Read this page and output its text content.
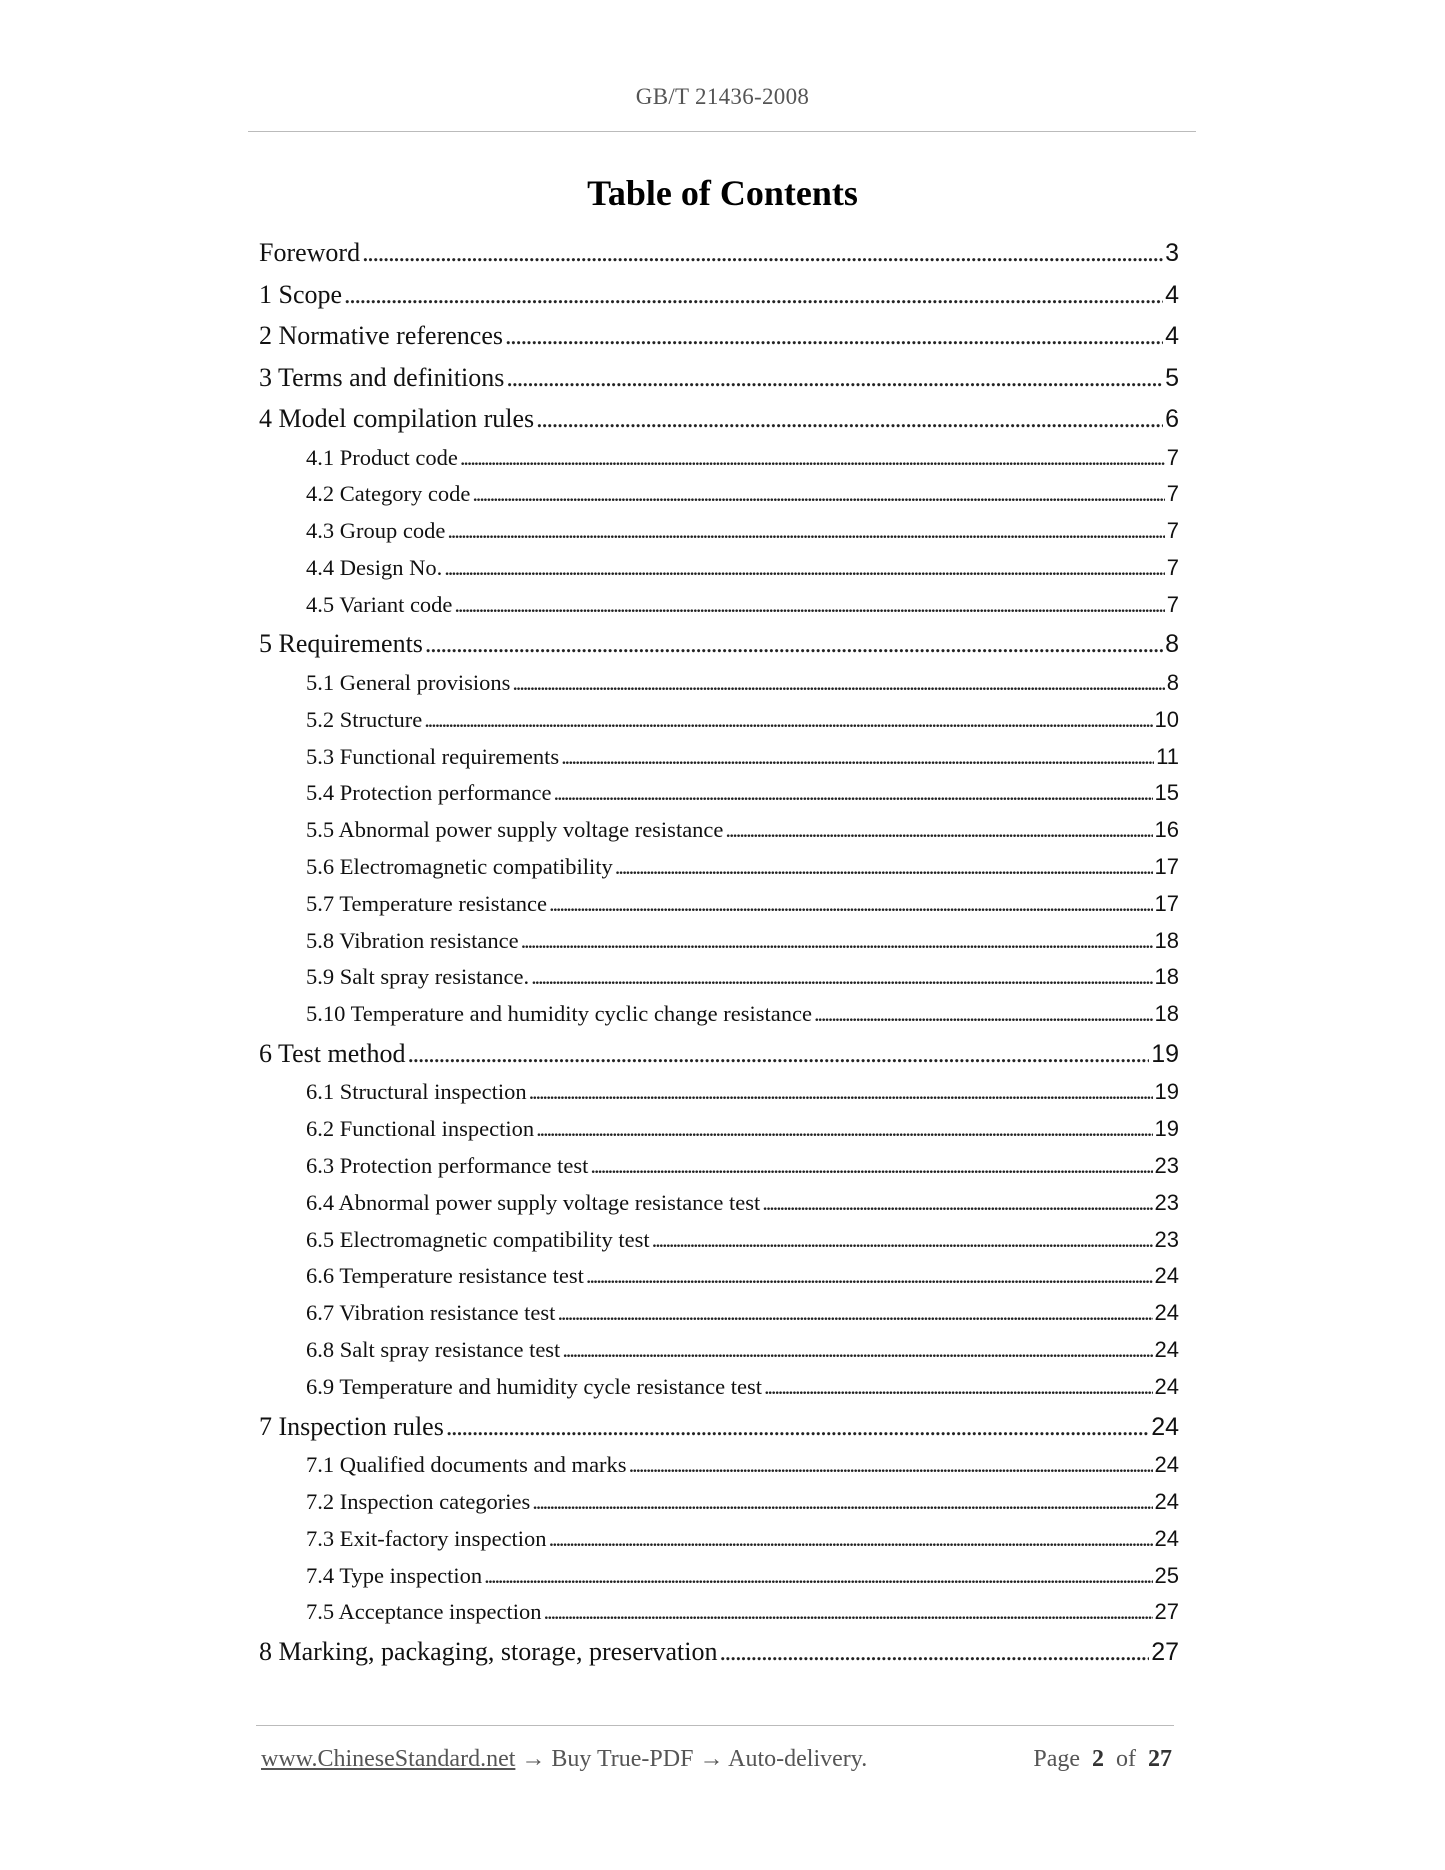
GB/T 21436-2008
Table of Contents
Foreword . . .	3
1 Scope . . .	4
2 Normative references . . .	4
3 Terms and definitions . . .	5
4 Model compilation rules . . .	6
4.1 Product code . . .	7
4.2 Category code . . .	7
4.3 Group code . . .	7
4.4 Design No. . . .	7
4.5 Variant code . . .	7
5 Requirements . . .	8
5.1 General provisions . . .	8
5.2 Structure . . .	10
5.3 Functional requirements . . .	11
5.4 Protection performance . . .	15
5.5 Abnormal power supply voltage resistance . . .	16
5.6 Electromagnetic compatibility . . .	17
5.7 Temperature resistance . . .	17
5.8 Vibration resistance . . .	18
5.9 Salt spray resistance. . . .	18
5.10 Temperature and humidity cyclic change resistance . . .	18
6 Test method . . .	19
6.1 Structural inspection . . .	19
6.2 Functional inspection . . .	19
6.3 Protection performance test . . .	23
6.4 Abnormal power supply voltage resistance test . . .	23
6.5 Electromagnetic compatibility test . . .	23
6.6 Temperature resistance test . . .	24
6.7 Vibration resistance test . . .	24
6.8 Salt spray resistance test . . .	24
6.9 Temperature and humidity cycle resistance test . . .	24
7 Inspection rules . . .	24
7.1 Qualified documents and marks . . .	24
7.2 Inspection categories . . .	24
7.3 Exit-factory inspection . . .	24
7.4 Type inspection . . .	25
7.5 Acceptance inspection . . .	27
8 Marking, packaging, storage, preservation . . .	27
www.ChineseStandard.net → Buy True-PDF → Auto-delivery.	Page 2 of 27
